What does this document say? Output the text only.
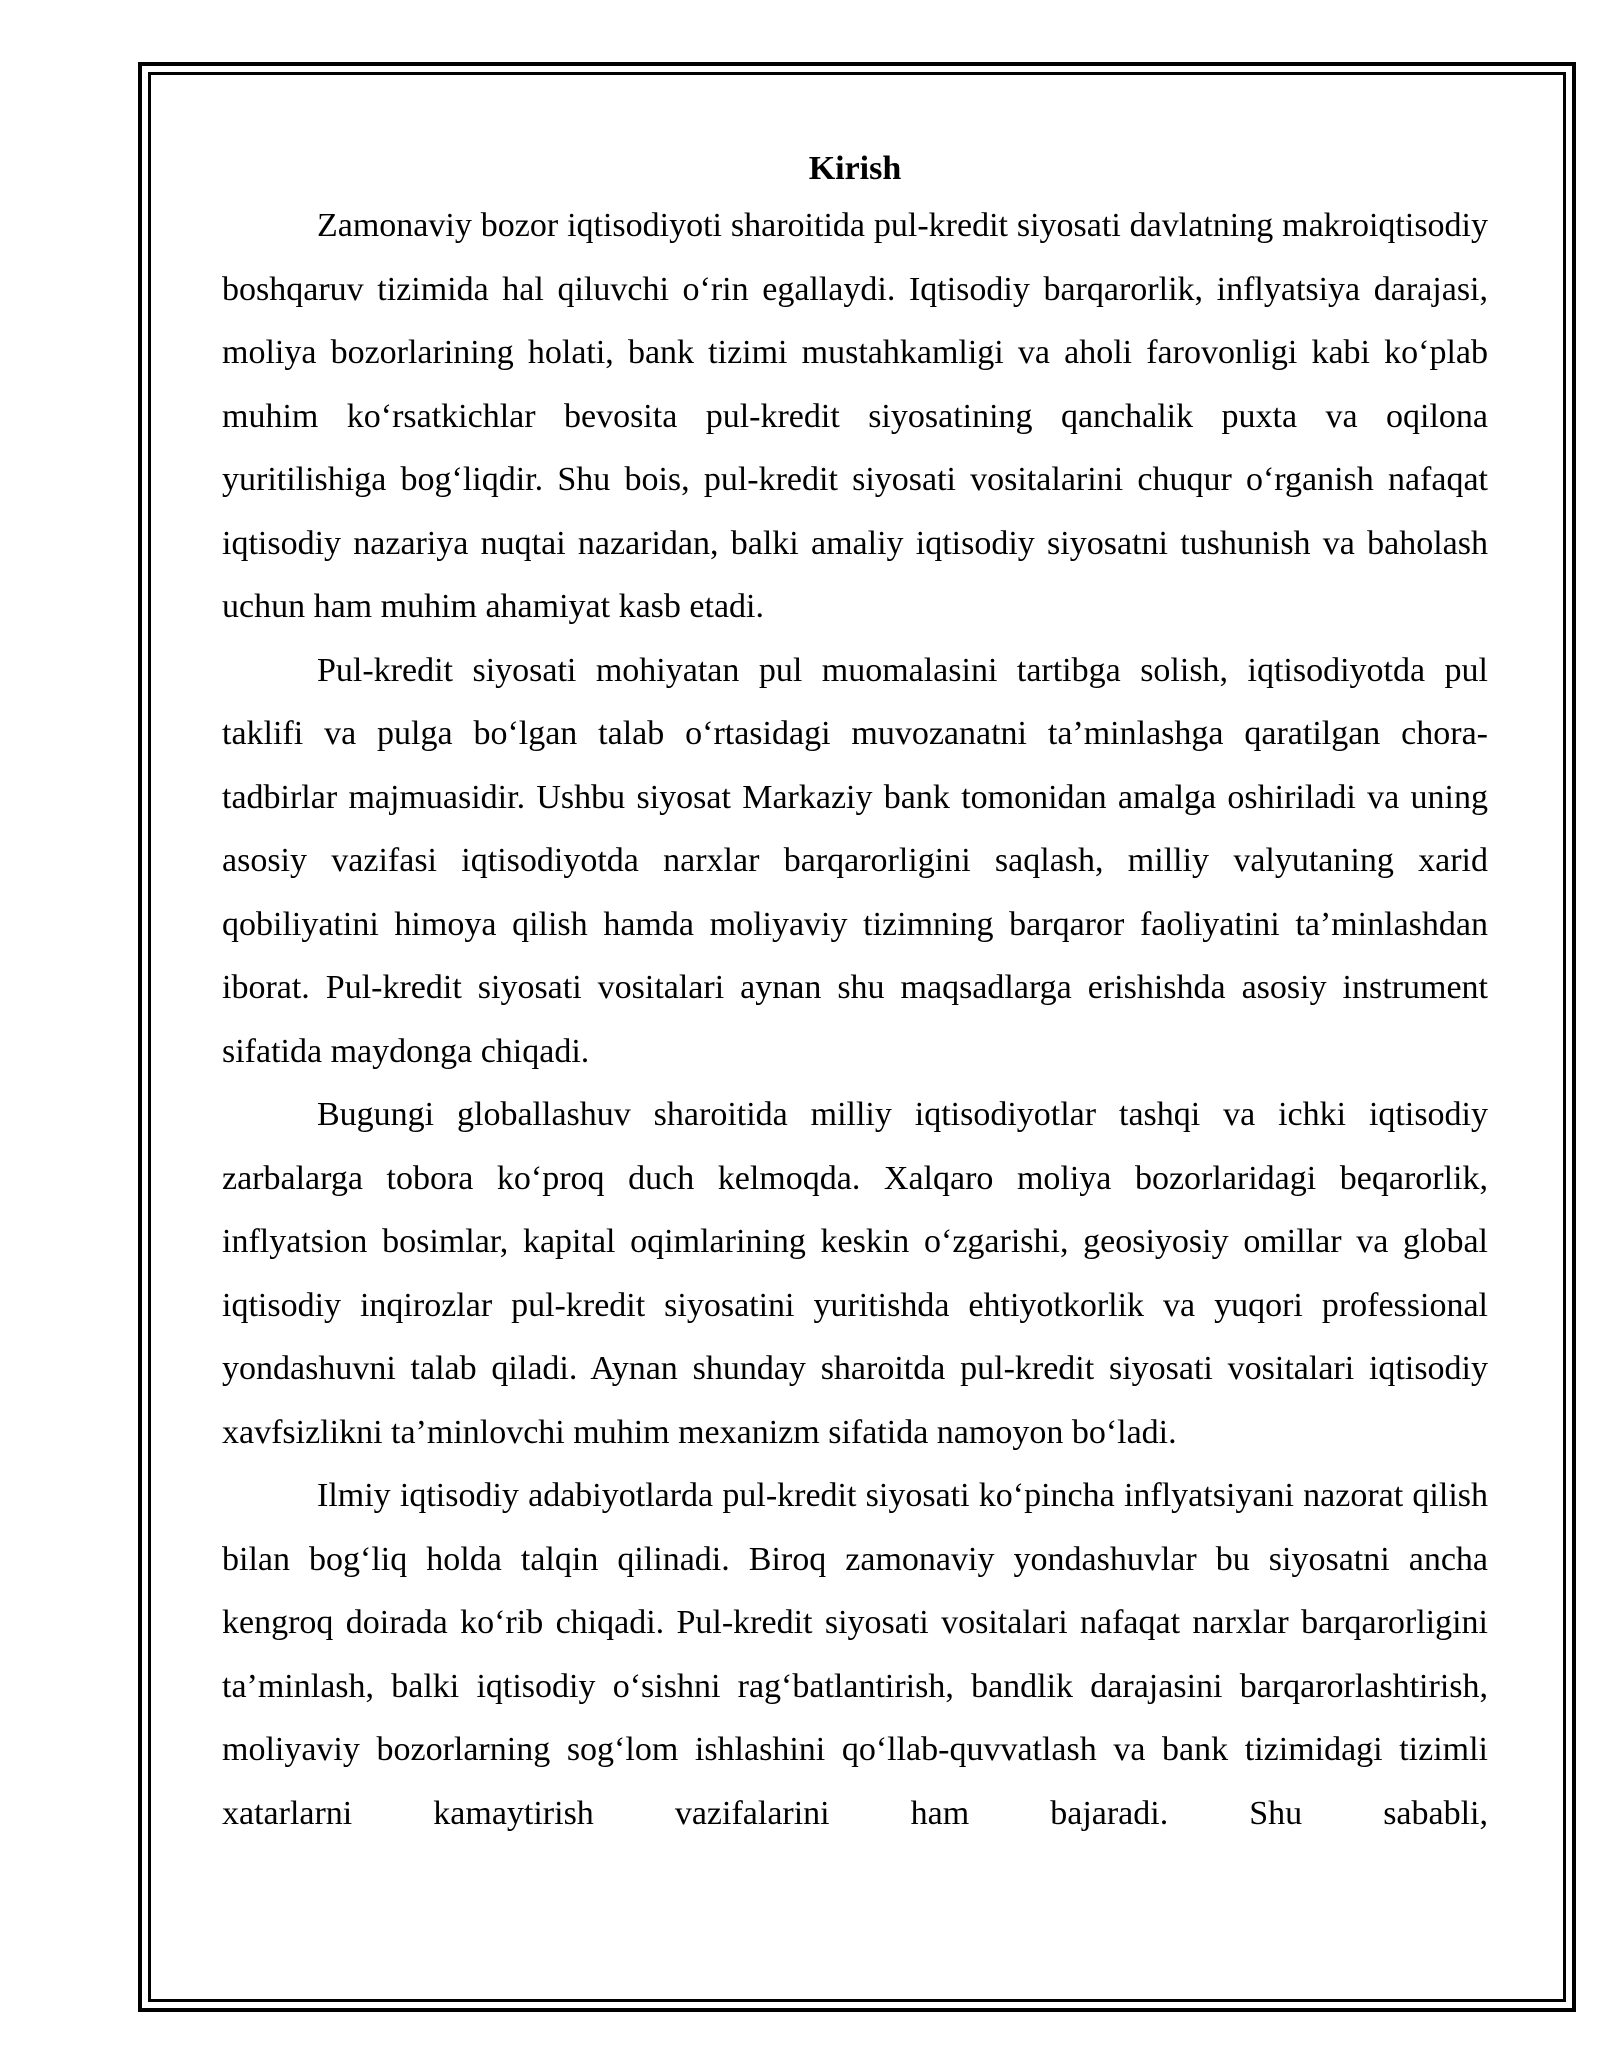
Kirish

Zamonaviy bozor iqtisodiyoti sharoitida pul-kredit siyosati davlatning makroiqtisodiy boshqaruv tizimida hal qiluvchi o‘rin egallaydi. Iqtisodiy barqarorlik, inflyatsiya darajasi, moliya bozorlarining holati, bank tizimi mustahkamligi va aholi farovonligi kabi ko‘plab muhim ko‘rsatkichlar bevosita pul-kredit siyosatining qanchalik puxta va oqilona yuritilishiga bog‘liqdir. Shu bois, pul-kredit siyosati vositalarini chuqur o‘rganish nafaqat iqtisodiy nazariya nuqtai nazaridan, balki amaliy iqtisodiy siyosatni tushunish va baholash uchun ham muhim ahamiyat kasb etadi.

Pul-kredit siyosati mohiyatan pul muomalasini tartibga solish, iqtisodiyotda pul taklifi va pulga bo‘lgan talab o‘rtasidagi muvozanatni ta’minlashga qaratilgan chora-tadbirlar majmuasidir. Ushbu siyosat Markaziy bank tomonidan amalga oshiriladi va uning asosiy vazifasi iqtisodiyotda narxlar barqarorligini saqlash, milliy valyutaning xarid qobiliyatini himoya qilish hamda moliyaviy tizimning barqaror faoliyatini ta’minlashdan iborat. Pul-kredit siyosati vositalari aynan shu maqsadlarga erishishda asosiy instrument sifatida maydonga chiqadi.

Bugungi globallashuv sharoitida milliy iqtisodiyotlar tashqi va ichki iqtisodiy zarbalarga tobora ko‘proq duch kelmoqda. Xalqaro moliya bozorlaridagi beqarorlik, inflyatsion bosimlar, kapital oqimlarining keskin o‘zgarishi, geosiyosiy omillar va global iqtisodiy inqirozlar pul-kredit siyosatini yuritishda ehtiyotkorlik va yuqori professional yondashuvni talab qiladi. Aynan shunday sharoitda pul-kredit siyosati vositalari iqtisodiy xavfsizlikni ta’minlovchi muhim mexanizm sifatida namoyon bo‘ladi.

Ilmiy iqtisodiy adabiyotlarda pul-kredit siyosati ko‘pincha inflyatsiyani nazorat qilish bilan bog‘liq holda talqin qilinadi. Biroq zamonaviy yondashuvlar bu siyosatni ancha kengroq doirada ko‘rib chiqadi. Pul-kredit siyosati vositalari nafaqat narxlar barqarorligini ta’minlash, balki iqtisodiy o‘sishni rag‘batlantirish, bandlik darajasini barqarorlashtirish, moliyaviy bozorlarning sog‘lom ishlashini qo‘llab-quvvatlash va bank tizimidagi tizimli xatarlarni kamaytirish vazifalarini ham bajaradi. Shu sababli,
